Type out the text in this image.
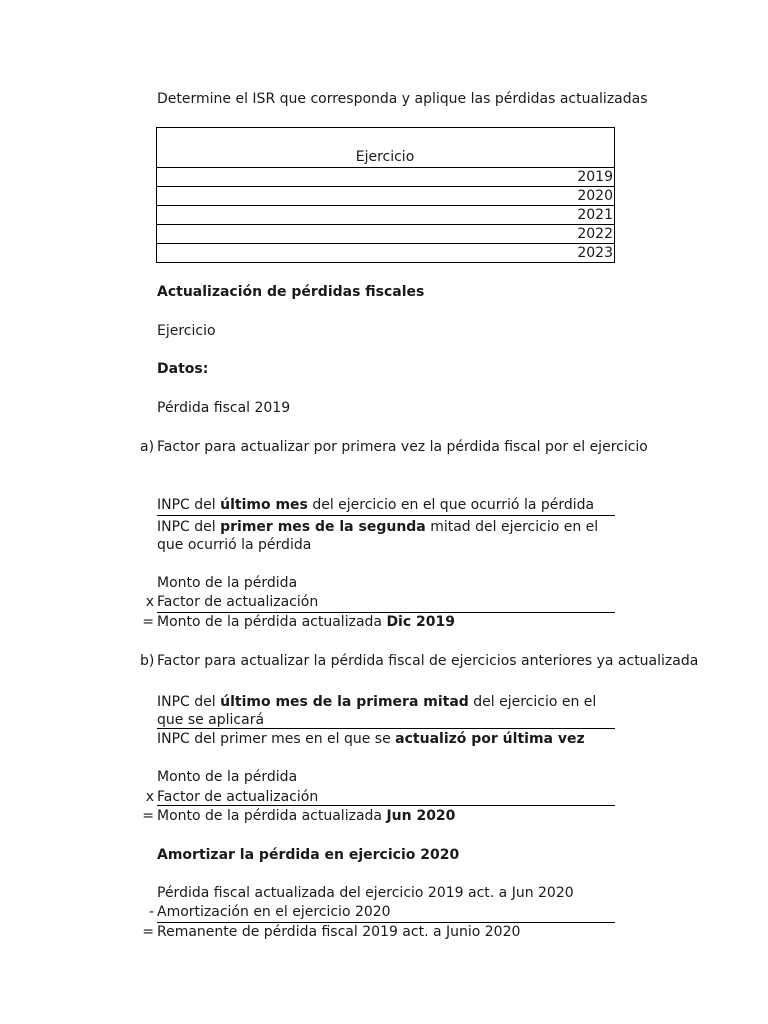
Determine el ISR que corresponda y aplique las pérdidas actualizadas
Ejercicio
2019
2020
2021
2022
2023
Actualización de pérdidas fiscales
Ejercicio
Datos:
Pérdida fiscal 2019
a) Factor para actualizar por primera vez la pérdida fiscal por el ejercicio
INPC del último mes del ejercicio en el que ocurrió la pérdida
INPC del primer mes de la segunda mitad del ejercicio en el que ocurrió la pérdida
Monto de la pérdida
x Factor de actualización
= Monto de la pérdida actualizada Dic 2019
b) Factor para actualizar la pérdida fiscal de ejercicios anteriores ya actualizada
INPC del último mes de la primera mitad del ejercicio en el que se aplicará
INPC del primer mes en el que se actualizó por última vez
Monto de la pérdida
x Factor de actualización
= Monto de la pérdida actualizada Jun 2020
Amortizar la pérdida en ejercicio 2020
Pérdida fiscal actualizada del ejercicio 2019 act. a Jun 2020
- Amortización en el ejercicio 2020
= Remanente de pérdida fiscal 2019 act. a Junio 2020
